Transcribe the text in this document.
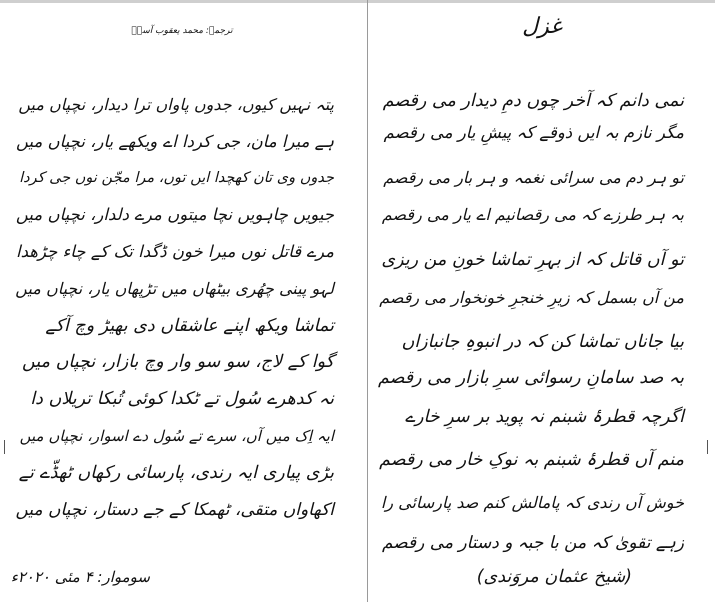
ترجمہ: محمد یعقوب آسیؔ
پتہ نہیں کیوں، جدوں پاواں ترا دیدار، نچپاں میں
ہے میرا مان، جی کردا اے ویکھے یار، نچپاں میں
جدوں وی تان کھچدا ایں توں، مرا مجّن نوں جی کردا
جیویں چاہویں نچا میتوں مرے دلدار، نچپاں میں
مرے قاتل نوں میرا خون ڈگدا تک کے چاء چڑھدا
لہو پینی چھُری بیٹھاں میں تڑپھاں یار، نچپاں میں
تماشا ویکھ اپنے عاشقاں دی بھیڑ وچ آکے
گوا کے لاج، سو سو وار وچ بازار، نچپاں میں
نہ کدھرے سُول تے ٹکدا کوئی تُبکا تریلاں دا
ایہ اِک میں آں، سرے تے سُول دے اسوار، نچپاں میں
بڑی پیاری ایہ رندی، پارسائی رکھاں ٹھڈّے تے
اکھاواں متقی، ٹھمکا کے جے دستار، نچپاں میں
سوموار: ۴ مئی ۲۰۲۰ء
غزل
نمی دانم کہ آخر چوں دمِ دیدار می رقصم
مگر نازم بہ ایں ذوقے کہ پیشِ یار می رقصم
تو ہر دم می سرائی نغمہ و ہر بار می رقصم
بہ ہر طرزے کہ می رقصانیم اے یار می رقصم
تو آں قاتل کہ از بہرِ تماشا خونِ من ریزی
من آں بسمل کہ زیرِ خنجرِ خونخوار می رقصم
بیا جاناں تماشا کن کہ در انبوہِ جانبازاں
بہ صد سامانِ رسوائی سرِ بازار می رقصم
اگرچہ قطرۂ شبنم نہ پوید بر سرِ خارے
منم آں قطرۂ شبنم بہ نوکِ خار می رقصم
خوش آں رندی کہ پامالش کنم صد پارسائی را
زہے تقویٰ کہ من با جبہ و دستار می رقصم
(شیخ عثمان مروَندی)
